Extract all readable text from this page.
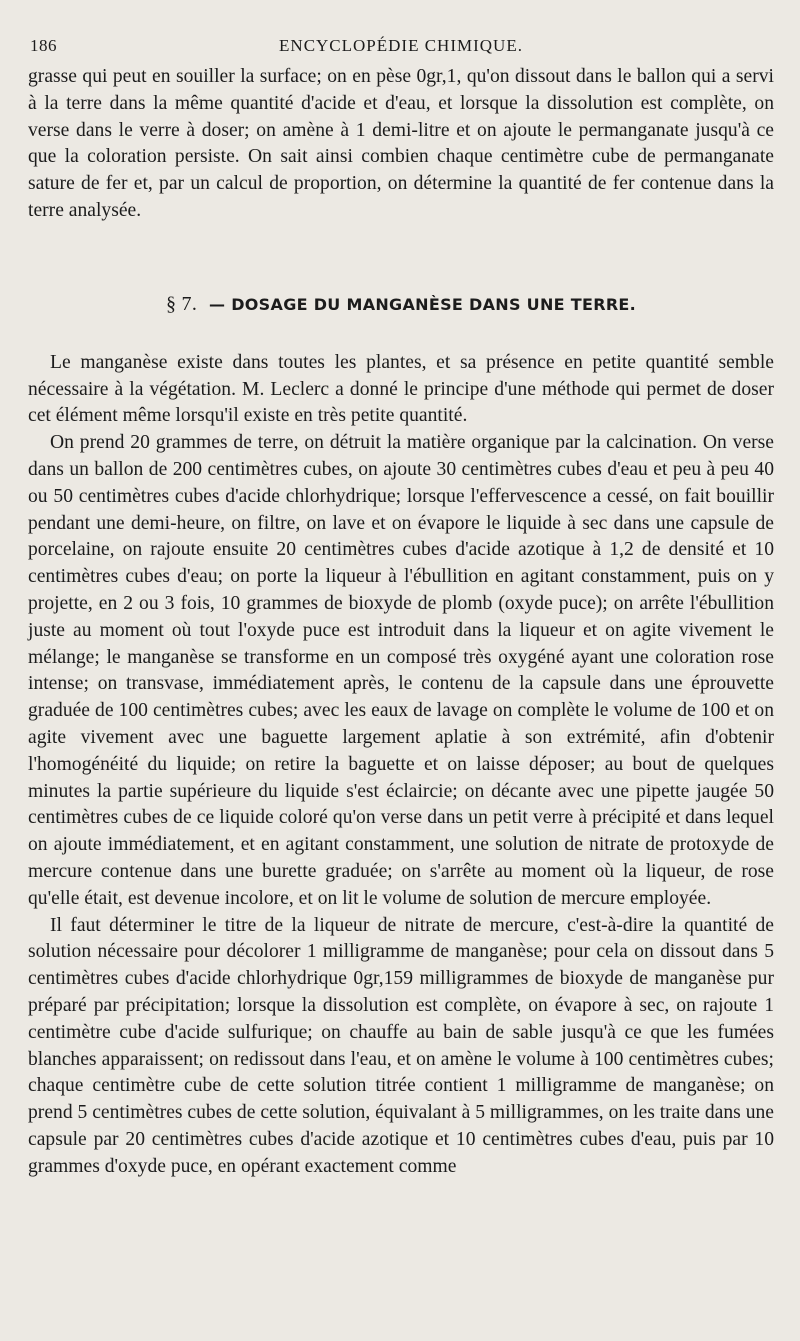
186	ENCYCLOPÉDIE CHIMIQUE.

grasse qui peut en souiller la surface; on en pèse 0gr,1, qu'on dissout dans le ballon qui a servi à la terre dans la même quantité d'acide et d'eau, et lorsque la dissolution est complète, on verse dans le verre à doser; on amène à 1 demi-litre et on ajoute le permanganate jusqu'à ce que la coloration persiste. On sait ainsi combien chaque centimètre cube de permanganate sature de fer et, par un calcul de proportion, on détermine la quantité de fer contenue dans la terre analysée.

§ 7. — DOSAGE DU MANGANÈSE DANS UNE TERRE.

Le manganèse existe dans toutes les plantes, et sa présence en petite quantité semble nécessaire à la végétation. M. Leclerc a donné le principe d'une méthode qui permet de doser cet élément même lorsqu'il existe en très petite quantité.

On prend 20 grammes de terre, on détruit la matière organique par la calcination. On verse dans un ballon de 200 centimètres cubes, on ajoute 30 centimètres cubes d'eau et peu à peu 40 ou 50 centimètres cubes d'acide chlorhydrique; lorsque l'effervescence a cessé, on fait bouillir pendant une demi-heure, on filtre, on lave et on évapore le liquide à sec dans une capsule de porcelaine, on rajoute ensuite 20 centimètres cubes d'acide azotique à 1,2 de densité et 10 centimètres cubes d'eau; on porte la liqueur à l'ébullition en agitant constamment, puis on y projette, en 2 ou 3 fois, 10 grammes de bioxyde de plomb (oxyde puce); on arrête l'ébullition juste au moment où tout l'oxyde puce est introduit dans la liqueur et on agite vivement le mélange; le manganèse se transforme en un composé très oxygéné ayant une coloration rose intense; on transvase, immédiatement après, le contenu de la capsule dans une éprouvette graduée de 100 centimètres cubes; avec les eaux de lavage on complète le volume de 100 et on agite vivement avec une baguette largement aplatie à son extrémité, afin d'obtenir l'homogénéité du liquide; on retire la baguette et on laisse déposer; au bout de quelques minutes la partie supérieure du liquide s'est éclaircie; on décante avec une pipette jaugée 50 centimètres cubes de ce liquide coloré qu'on verse dans un petit verre à précipité et dans lequel on ajoute immédiatement, et en agitant constamment, une solution de nitrate de protoxyde de mercure contenue dans une burette graduée; on s'arrête au moment où la liqueur, de rose qu'elle était, est devenue incolore, et on lit le volume de solution de mercure employée.

Il faut déterminer le titre de la liqueur de nitrate de mercure, c'est-à-dire la quantité de solution nécessaire pour décolorer 1 milligramme de manganèse; pour cela on dissout dans 5 centimètres cubes d'acide chlorhydrique 0gr,159 milligrammes de bioxyde de manganèse pur préparé par précipitation; lorsque la dissolution est complète, on évapore à sec, on rajoute 1 centimètre cube d'acide sulfurique; on chauffe au bain de sable jusqu'à ce que les fumées blanches apparaissent; on redissout dans l'eau, et on amène le volume à 100 centimètres cubes; chaque centimètre cube de cette solution titrée contient 1 milligramme de manganèse; on prend 5 centimètres cubes de cette solution, équivalant à 5 milligrammes, on les traite dans une capsule par 20 centimètres cubes d'acide azotique et 10 centimètres cubes d'eau, puis par 10 grammes d'oxyde puce, en opérant exactement comme
